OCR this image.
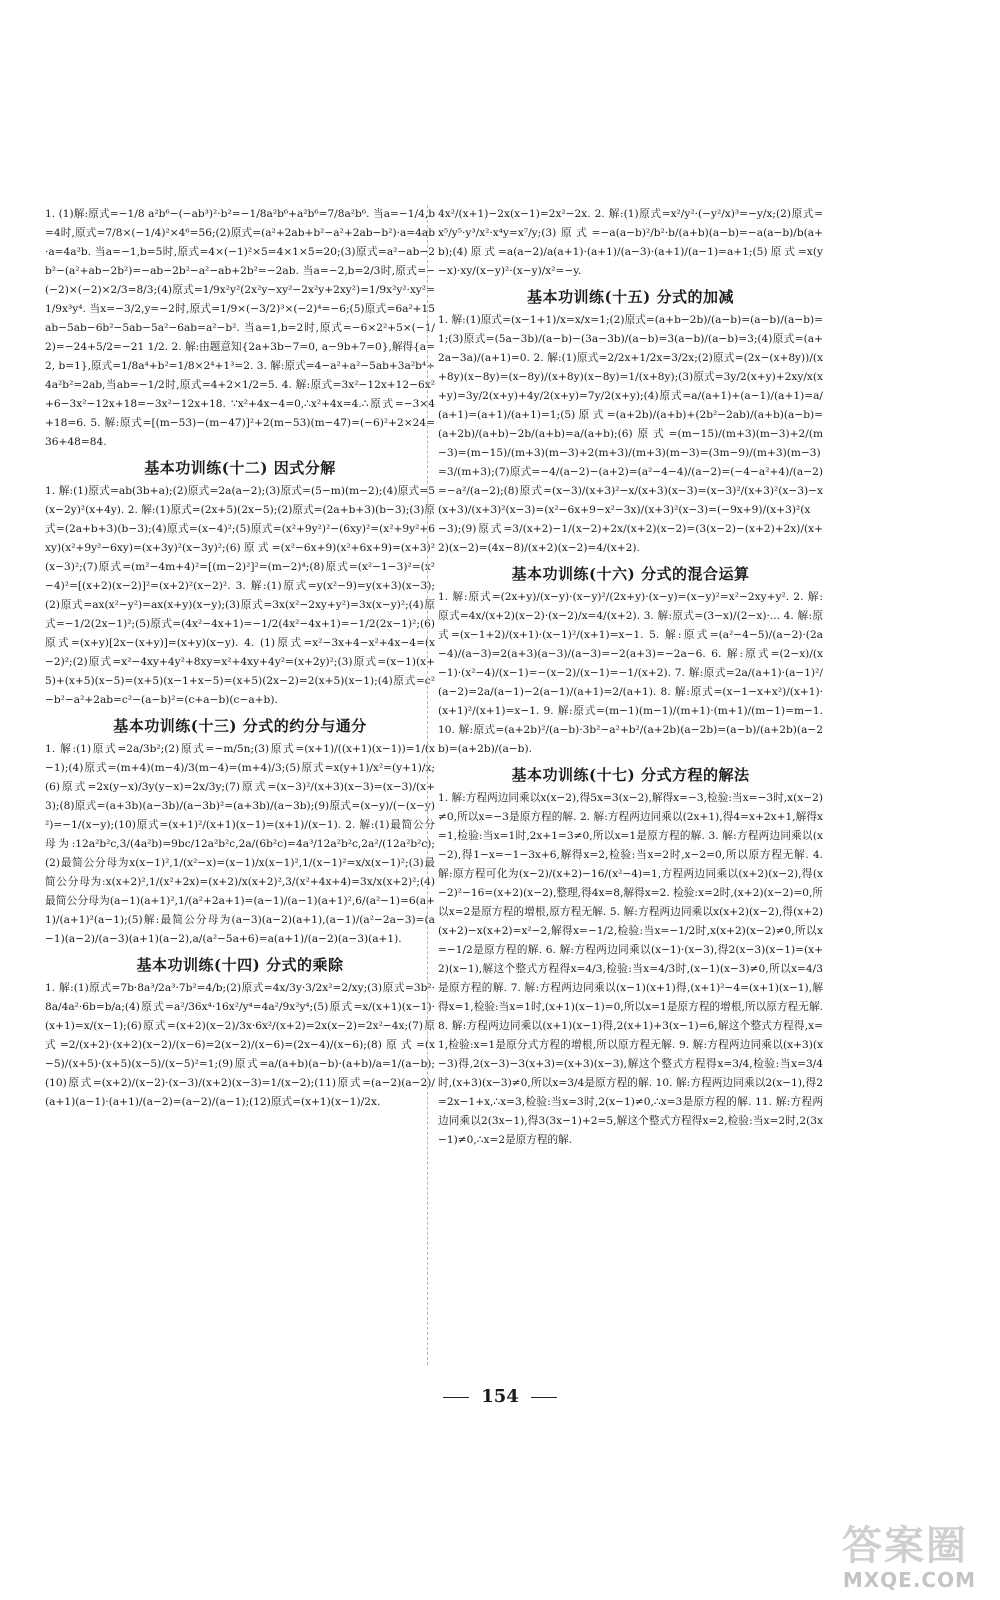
1. (1)解:原式=−1/8 a²b⁶−(−ab³)²·b²=−1/8a²b⁶+a²b⁶=7/8a²b⁶. 当a=−1/4,b=4时,原式=7/8×(−1/4)²×4⁶=56;(2)原式=(a²+2ab+b²−a²+2ab−b²)·a=4ab·a=4a²b. 当a=−1,b=5时,原式=4×(−1)²×5=4×1×5=20;(3)原式=a²−ab−2b²−(a²+ab−2b²)=−ab−2b²−a²−ab+2b²=−2ab. 当a=−2,b=2/3时,原式=−(−2)×(−2)×2/3=8/3;(4)原式=1/9x²y²(2x²y−xy²−2x²y+2xy²)=1/9x²y²·xy²=1/9x³y⁴. 当x=−3/2,y=−2时,原式=1/9×(−3/2)³×(−2)⁴=−6;(5)原式=6a²+15ab−5ab−6b²−5ab−5a²−6ab=a²−b². 当a=1,b=2时,原式=−6×2²+5×(−1/2)=−24+5/2=−21 1/2. 2. 解:由题意知{2a+3b−7=0, a−9b+7=0},解得{a=2, b=1},原式=1/8a⁴+b²=1/8×2⁴+1³=2. 3. 解:原式=4−a²+a²−5ab+3a²b⁴÷4a²b²=2ab,当ab=−1/2时,原式=4+2×1/2=5. 4. 解:原式=3x²−12x+12−6x²+6−3x²−12x+18=−3x²−12x+18. ∵x²+4x−4=0,∴x²+4x=4.∴原式=−3×4+18=6. 5. 解:原式=[(m−53)−(m−47)]²+2(m−53)(m−47)=(−6)²+2×24=36+48=84.

基本功训练(十二) 因式分解

1. 解:(1)原式=ab(3b+a);(2)原式=2a(a−2);(3)原式=(5−m)(m−2);(4)原式=5(x−2y)²(x+4y). 2. 解:(1)原式=(2x+5)(2x−5);(2)原式=(2a+b+3)(b−3);(3)原式=(2a+b+3)(b−3);(4)原式=(x−4)²;(5)原式=(x²+9y²)²−(6xy)²=(x²+9y²+6xy)(x²+9y²−6xy)=(x+3y)²(x−3y)²;(6)原式=(x²−6x+9)(x²+6x+9)=(x+3)²(x−3)²;(7)原式=(m²−4m+4)²=[(m−2)²]²=(m−2)⁴;(8)原式=(x²−1−3)²=(x²−4)²=[(x+2)(x−2)]²=(x+2)²(x−2)². 3. 解:(1)原式=y(x²−9)=y(x+3)(x−3);(2)原式=ax(x²−y²)=ax(x+y)(x−y);(3)原式=3x(x²−2xy+y²)=3x(x−y)²;(4)原式=−1/2(2x−1)²;(5)原式=(4x²−4x+1)=−1/2(4x²−4x+1)=−1/2(2x−1)²;(6)原式=(x+y)[2x−(x+y)]=(x+y)(x−y). 4. (1)原式=x²−3x+4−x²+4x−4=(x−2)²;(2)原式=x²−4xy+4y²+8xy=x²+4xy+4y²=(x+2y)²;(3)原式=(x−1)(x+5)+(x+5)(x−5)=(x+5)(x−1+x−5)=(x+5)(2x−2)=2(x+5)(x−1);(4)原式=c²−b²−a²+2ab=c²−(a−b)²=(c+a−b)(c−a+b).

基本功训练(十三) 分式的约分与通分

1. 解:(1)原式=2a/3b²;(2)原式=−m/5n;(3)原式=(x+1)/((x+1)(x−1))=1/(x−1);(4)原式=(m+4)(m−4)/3(m−4)=(m+4)/3;(5)原式=x(y+1)/x²=(y+1)/x;(6)原式=2x(y−x)/3y(y−x)=2x/3y;(7)原式=(x−3)²/(x+3)(x−3)=(x−3)/(x+3);(8)原式=(a+3b)(a−3b)/(a−3b)²=(a+3b)/(a−3b);(9)原式=(x−y)/(−(x−y)²)=−1/(x−y);(10)原式=(x+1)²/(x+1)(x−1)=(x+1)/(x−1). 2. 解:(1)最简公分母为:12a²b²c,3/(4a²b)=9bc/12a²b²c,2a/(6b²c)=4a³/12a²b²c,2a²/(12a²b²c);(2)最简公分母为x(x−1)²,1/(x²−x)=(x−1)/x(x−1)²,1/(x−1)²=x/x(x−1)²;(3)最简公分母为:x(x+2)²,1/(x²+2x)=(x+2)/x(x+2)²,3/(x²+4x+4)=3x/x(x+2)²;(4)最简公分母为(a−1)(a+1)²,1/(a²+2a+1)=(a−1)/(a−1)(a+1)²,6/(a²−1)=6(a+1)/(a+1)²(a−1);(5)解:最简公分母为(a−3)(a−2)(a+1),(a−1)/(a²−2a−3)=(a−1)(a−2)/(a−3)(a+1)(a−2),a/(a²−5a+6)=a(a+1)/(a−2)(a−3)(a+1).

基本功训练(十四) 分式的乘除

1. 解:(1)原式=7b·8a³/2a³·7b²=4/b;(2)原式=4x/3y·3/2x²=2/xy;(3)原式=3b²·8a/4a²·6b=b/a;(4)原式=a²/36x⁴·16x²/y⁴=4a²/9x²y⁴;(5)原式=x/(x+1)(x−1)·(x+1)=x/(x−1);(6)原式=(x+2)(x−2)/3x·6x²/(x+2)=2x(x−2)=2x²−4x;(7)原式=2/(x+2)·(x+2)(x−2)/(x−6)=2(x−2)/(x−6)=(2x−4)/(x−6);(8)原式=(x−5)/(x+5)·(x+5)(x−5)/(x−5)²=1;(9)原式=a/(a+b)(a−b)·(a+b)/a=1/(a−b);(10)原式=(x+2)/(x−2)·(x−3)/(x+2)(x−3)=1/(x−2);(11)原式=(a−2)(a−2)/(a+1)(a−1)·(a+1)/(a−2)=(a−2)/(a−1);(12)原式=(x+1)(x−1)/2x.

4x²/(x+1)−2x(x−1)=2x²−2x. 2. 解:(1)原式=x²/y²·(−y²/x)³=−y/x;(2)原式=x⁵/y⁵·y³/x²·x⁴y=x⁷/y;(3)原式=−a(a−b)²/b²·b/(a+b)(a−b)=−a(a−b)/b(a+b);(4)原式=a(a−2)/a(a+1)·(a+1)/(a−3)·(a+1)/(a−1)=a+1;(5)原式=x(y−x)·xy/(x−y)²·(x−y)/x²=−y.

基本功训练(十五) 分式的加减

1. 解:(1)原式=(x−1+1)/x=x/x=1;(2)原式=(a+b−2b)/(a−b)=(a−b)/(a−b)=1;(3)原式=(5a−3b)/(a−b)−(3a−3b)/(a−b)=3(a−b)/(a−b)=3;(4)原式=(a+2a−3a)/(a+1)=0. 2. 解:(1)原式=2/2x+1/2x=3/2x;(2)原式=(2x−(x+8y))/(x+8y)(x−8y)=(x−8y)/(x+8y)(x−8y)=1/(x+8y);(3)原式=3y/2(x+y)+2xy/x(x+y)=3y/2(x+y)+4y/2(x+y)=7y/2(x+y);(4)原式=a/(a+1)+(a−1)/(a+1)=a/(a+1)=(a+1)/(a+1)=1;(5)原式=(a+2b)/(a+b)+(2b²−2ab)/(a+b)(a−b)=(a+2b)/(a+b)−2b/(a+b)=a/(a+b);(6)原式=(m−15)/(m+3)(m−3)+2/(m−3)=(m−15)/(m+3)(m−3)+2(m+3)/(m+3)(m−3)=(3m−9)/(m+3)(m−3)=3/(m+3);(7)原式=−4/(a−2)−(a+2)=(a²−4−4)/(a−2)=(−4−a²+4)/(a−2)=−a²/(a−2);(8)原式=(x−3)/(x+3)²−x/(x+3)(x−3)=(x−3)²/(x+3)²(x−3)−x(x+3)/(x+3)²(x−3)=(x²−6x+9−x²−3x)/(x+3)²(x−3)=(−9x+9)/(x+3)²(x−3);(9)原式=3/(x+2)−1/(x−2)+2x/(x+2)(x−2)=(3(x−2)−(x+2)+2x)/(x+2)(x−2)=(4x−8)/(x+2)(x−2)=4/(x+2).

基本功训练(十六) 分式的混合运算

1. 解:原式=(2x+y)/(x−y)·(x−y)²/(2x+y)·(x−y)=(x−y)²=x²−2xy+y². 2. 解:原式=4x/(x+2)(x−2)·(x−2)/x=4/(x+2). 3. 解:原式=(3−x)/(2−x)·... 4. 解:原式=(x−1+2)/(x+1)·(x−1)²/(x+1)=x−1. 5. 解:原式=(a²−4−5)/(a−2)·(2a−4)/(a−3)=2(a+3)(a−3)/(a−3)=−2(a+3)=−2a−6. 6. 解:原式=(2−x)/(x−1)·(x²−4)/(x−1)=−(x−2)/(x−1)=−1/(x+2). 7. 解:原式=2a/(a+1)·(a−1)²/(a−2)=2a/(a−1)−2(a−1)/(a+1)=2/(a+1). 8. 解:原式=(x−1−x+x²)/(x+1)·(x+1)²/(x+1)=x−1. 9. 解:原式=(m−1)(m−1)/(m+1)·(m+1)/(m−1)=m−1. 10. 解:原式=(a+2b)²/(a−b)·3b²−a²+b²/(a+2b)(a−2b)=(a−b)/(a+2b)(a−2b)=(a+2b)/(a−b).

基本功训练(十七) 分式方程的解法

1. 解:方程两边同乘以x(x−2),得5x=3(x−2),解得x=−3,检验:当x=−3时,x(x−2)≠0,所以x=−3是原方程的解. 2. 解:方程两边同乘以(2x+1),得4=x+2x+1,解得x=1,检验:当x=1时,2x+1=3≠0,所以x=1是原方程的解. 3. 解:方程两边同乘以(x−2),得1−x=−1−3x+6,解得x=2,检验:当x=2时,x−2=0,所以原方程无解. 4. 解:原方程可化为(x−2)/(x+2)−16/(x²−4)=1,方程两边同乘以(x+2)(x−2),得(x−2)²−16=(x+2)(x−2),整理,得4x=8,解得x=2. 检验:x=2时,(x+2)(x−2)=0,所以x=2是原方程的增根,原方程无解. 5. 解:方程两边同乘以x(x+2)(x−2),得(x+2)(x+2)−x(x+2)=x²−2,解得x=−1/2,检验:当x=−1/2时,x(x+2)(x−2)≠0,所以x=−1/2是原方程的解. 6. 解:方程两边同乘以(x−1)·(x−3),得2(x−3)(x−1)=(x+2)(x−1),解这个整式方程得x=4/3,检验:当x=4/3时,(x−1)(x−3)≠0,所以x=4/3是原方程的解. 7. 解:方程两边同乘以(x−1)(x+1)得,(x+1)²−4=(x+1)(x−1),解得x=1,检验:当x=1时,(x+1)(x−1)=0,所以x=1是原方程的增根,所以原方程无解. 8. 解:方程两边同乘以(x+1)(x−1)得,2(x+1)+3(x−1)=6,解这个整式方程得,x=1,检验:x=1是原分式方程的增根,所以原方程无解. 9. 解:方程两边同乘以(x+3)(x−3)得,2(x−3)−3(x+3)=(x+3)(x−3),解这个整式方程得x=3/4,检验:当x=3/4时,(x+3)(x−3)≠0,所以x=3/4是原方程的解. 10. 解:方程两边同乘以2(x−1),得2=2x−1+x,∴x=3,检验:当x=3时,2(x−1)≠0,∴x=3是原方程的解. 11. 解:方程两边同乘以2(3x−1),得3(3x−1)+2=5,解这个整式方程得x=2,检验:当x=2时,2(3x−1)≠0,∴x=2是原方程的解.

154
答案圈
MXQE.COM
